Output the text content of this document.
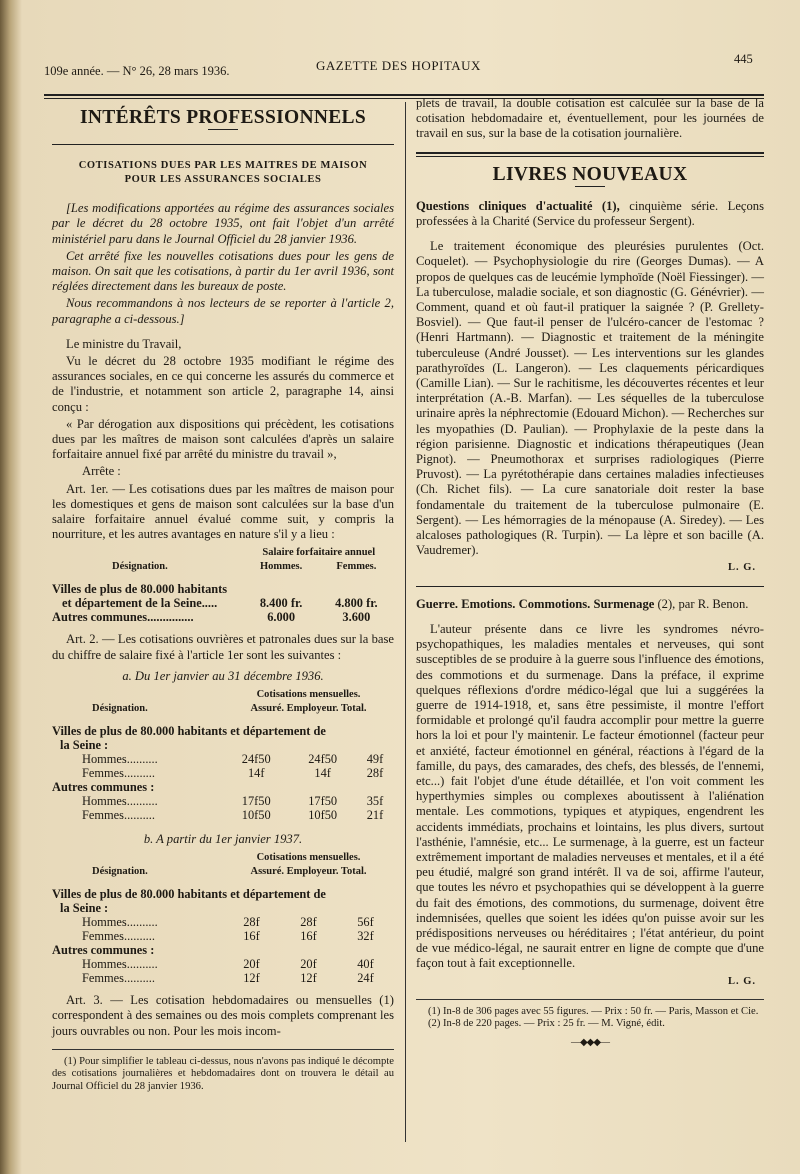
109e année. — N° 26, 28 mars 1936.	GAZETTE DES HOPITAUX	445
INTÉRÊTS PROFESSIONNELS
COTISATIONS DUES PAR LES MAITRES DE MAISON
POUR LES ASSURANCES SOCIALES

[Les modifications apportées au régime des assurances sociales par le décret du 28 octobre 1935, ont fait l'objet d'un arrêté ministériel paru dans le Journal Officiel du 28 janvier 1936.

Cet arrêté fixe les nouvelles cotisations dues pour les gens de maison. On sait que les cotisations, à partir du 1er avril 1936, sont réglées directement dans les bureaux de poste.

Nous recommandons à nos lecteurs de se reporter à l'article 2, paragraphe a ci-dessous.]

Le ministre du Travail,

Vu le décret du 28 octobre 1935 modifiant le régime des assurances sociales, en ce qui concerne les assurés du commerce et de l'industrie, et notamment son article 2, paragraphe 14, ainsi conçu :

« Par dérogation aux dispositions qui précèdent, les cotisations dues par les maîtres de maison sont calculées d'après un salaire forfaitaire annuel fixé par arrêté du ministre du travail »,

Arrête :

Art. 1er. — Les cotisations dues par les maîtres de maison pour les domestiques et gens de maison sont calculées sur la base d'un salaire forfaitaire annuel évalué comme suit, y compris la nourriture, et les autres avantages en nature s'il y a lieu :

	Salaire forfaitaire annuel	
Désignation.	Hommes.	Femmes.

Villes de plus de 80.000 habitants
et département de la Seine.....	8.400 fr.	4.800 fr.
Autres communes...............	6.000	3.600

Art. 2. — Les cotisations ouvrières et patronales dues sur la base du chiffre de salaire fixé à l'article 1er sont les suivantes :

a. Du 1er janvier au 31 décembre 1936.
	Cotisations mensuelles.		
Désignation.	Assuré. Employeur. Total.		

Villes de plus de 80.000 habitants et département de
la Seine :			

Hommes..........	24f50	24f50	49f
Femmes..........	14f	14f	28f
Autres communes :			
Hommes..........	17f50	17f50	35f
Femmes..........	10f50	10f50	21f
b. A partir du 1er janvier 1937.
	Cotisations mensuelles.		
Désignation.	Assuré. Employeur. Total.		

Villes de plus de 80.000 habitants et département de
la Seine :			

Hommes..........	28f	28f	56f
Femmes..........	16f	16f	32f
Autres communes :			
Hommes..........	20f	20f	40f
Femmes..........	12f	12f	24f

Art. 3. — Les cotisation hebdomadaires ou mensuelles (1) correspondent à des semaines ou des mois complets comprenant les jours ouvrables ou non. Pour les mois incom-

(1) Pour simplifier le tableau ci-dessus, nous n'avons pas indiqué le décompte des cotisations journalières et hebdomadaires dont on trouvera le détail au Journal Officiel du 28 janvier 1936.

plets de travail, la double cotisation est calculée sur la base de la cotisation hebdomadaire et, éventuellement, pour les journées de travail en sus, sur la base de la cotisation journalière.

LIVRES NOUVEAUX

Questions cliniques d'actualité (1), cinquième série. Leçons professées à la Charité (Service du professeur Sergent).

Le traitement économique des pleurésies purulentes (Oct. Coquelet). — Psychophysiologie du rire (Georges Dumas). — A propos de quelques cas de leucémie lymphoïde (Noël Fiessinger). — La tuberculose, maladie sociale, et son diagnostic (G. Génévrier). — Comment, quand et où faut-il pratiquer la saignée ? (P. Grellety-Bosviel). — Que faut-il penser de l'ulcéro-cancer de l'estomac ? (Henri Hartmann). — Diagnostic et traitement de la méningite tuberculeuse (André Jousset). — Les interventions sur les glandes parathyroïdes (L. Langeron). — Les claquements péricardiques (Camille Lian). — Sur le rachitisme, les découvertes récentes et leur interprétation (A.-B. Marfan). — Les séquelles de la tuberculose urinaire après la néphrectomie (Edouard Michon). — Recherches sur les myopathies (D. Paulian). — Prophylaxie de la peste dans la région parisienne. Diagnostic et indications thérapeutiques (Jean Pignot). — Pneumothorax et surprises radiologiques (Pierre Pruvost). — La pyrétothérapie dans certaines maladies infectieuses (Ch. Richet fils). — La cure sanatoriale doit rester la base fondamentale du traitement de la tuberculose pulmonaire (E. Sergent). — Les hémorragies de la ménopause (A. Siredey). — Les alcaloses pathologiques (R. Turpin). — La lèpre et son bacille (A. Vaudremer).

L. G.

Guerre. Emotions. Commotions. Surmenage (2), par R. Benon.

L'auteur présente dans ce livre les syndromes névro-psychopathiques, les maladies mentales et nerveuses, qui sont susceptibles de se produire à la guerre sous l'influence des émotions, des commotions et du surmenage. Dans la préface, il exprime quelques réflexions d'ordre médico-légal que lui a suggérées la guerre de 1914-1918, et, sans être pessimiste, il montre l'effort formidable et prolongé qu'il faudra accomplir pour mettre la guerre hors la loi et pour l'y maintenir. Le facteur émotionnel (facteur peur et anxiété, facteur émotionnel en général, réactions à l'égard de la famille, du pays, des camarades, des chefs, des blessés, de l'ennemi, etc...) fait l'objet d'une étude détaillée, et l'on voit comment les hyperthymies simples ou complexes aboutissent à l'aliénation mentale. Les commotions, typiques et atypiques, engendrent les accidents immédiats, prochains et lointains, les plus divers, surtout l'asthénie, l'amnésie, etc... Le surmenage, à la guerre, est un facteur extrêmement important de maladies nerveuses et mentales, et il a été peu étudié, malgré son grand intérêt. Il va de soi, affirme l'auteur, que toutes les névro et psychopathies qui se développent à la guerre du fait des émotions, des commotions, du surmenage, doivent être indemnisées, quelles que soient les idées qu'on puisse avoir sur les prédispositions nerveuses ou héréditaires ; l'état antérieur, du point de vue médico-légal, ne saurait entrer en ligne de compte que d'une façon tout à fait exceptionnelle.

L. G.
(1) In-8 de 306 pages avec 55 figures. — Prix : 50 fr. — Paris, Masson et Cie.
(2) In-8 de 220 pages. — Prix : 25 fr. — M. Vigné, édit.
—◆◆◆—
